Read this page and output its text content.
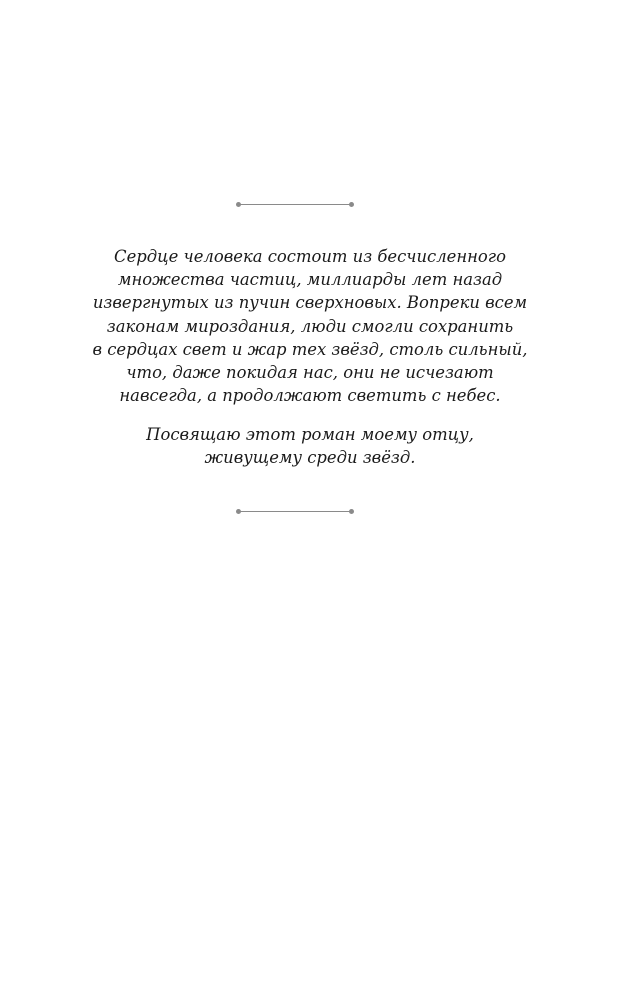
Сердце человека состоит из бесчисленного
множества частиц, миллиарды лет назад
извергнутых из пучин сверхновых. Вопреки всем
законам мироздания, люди смогли сохранить
в сердцах свет и жар тех звёзд, столь сильный,
что, даже покидая нас, они не исчезают
навсегда, а продолжают светить с небес.
Посвящаю этот роман моему отцу,
живущему среди звёзд.
